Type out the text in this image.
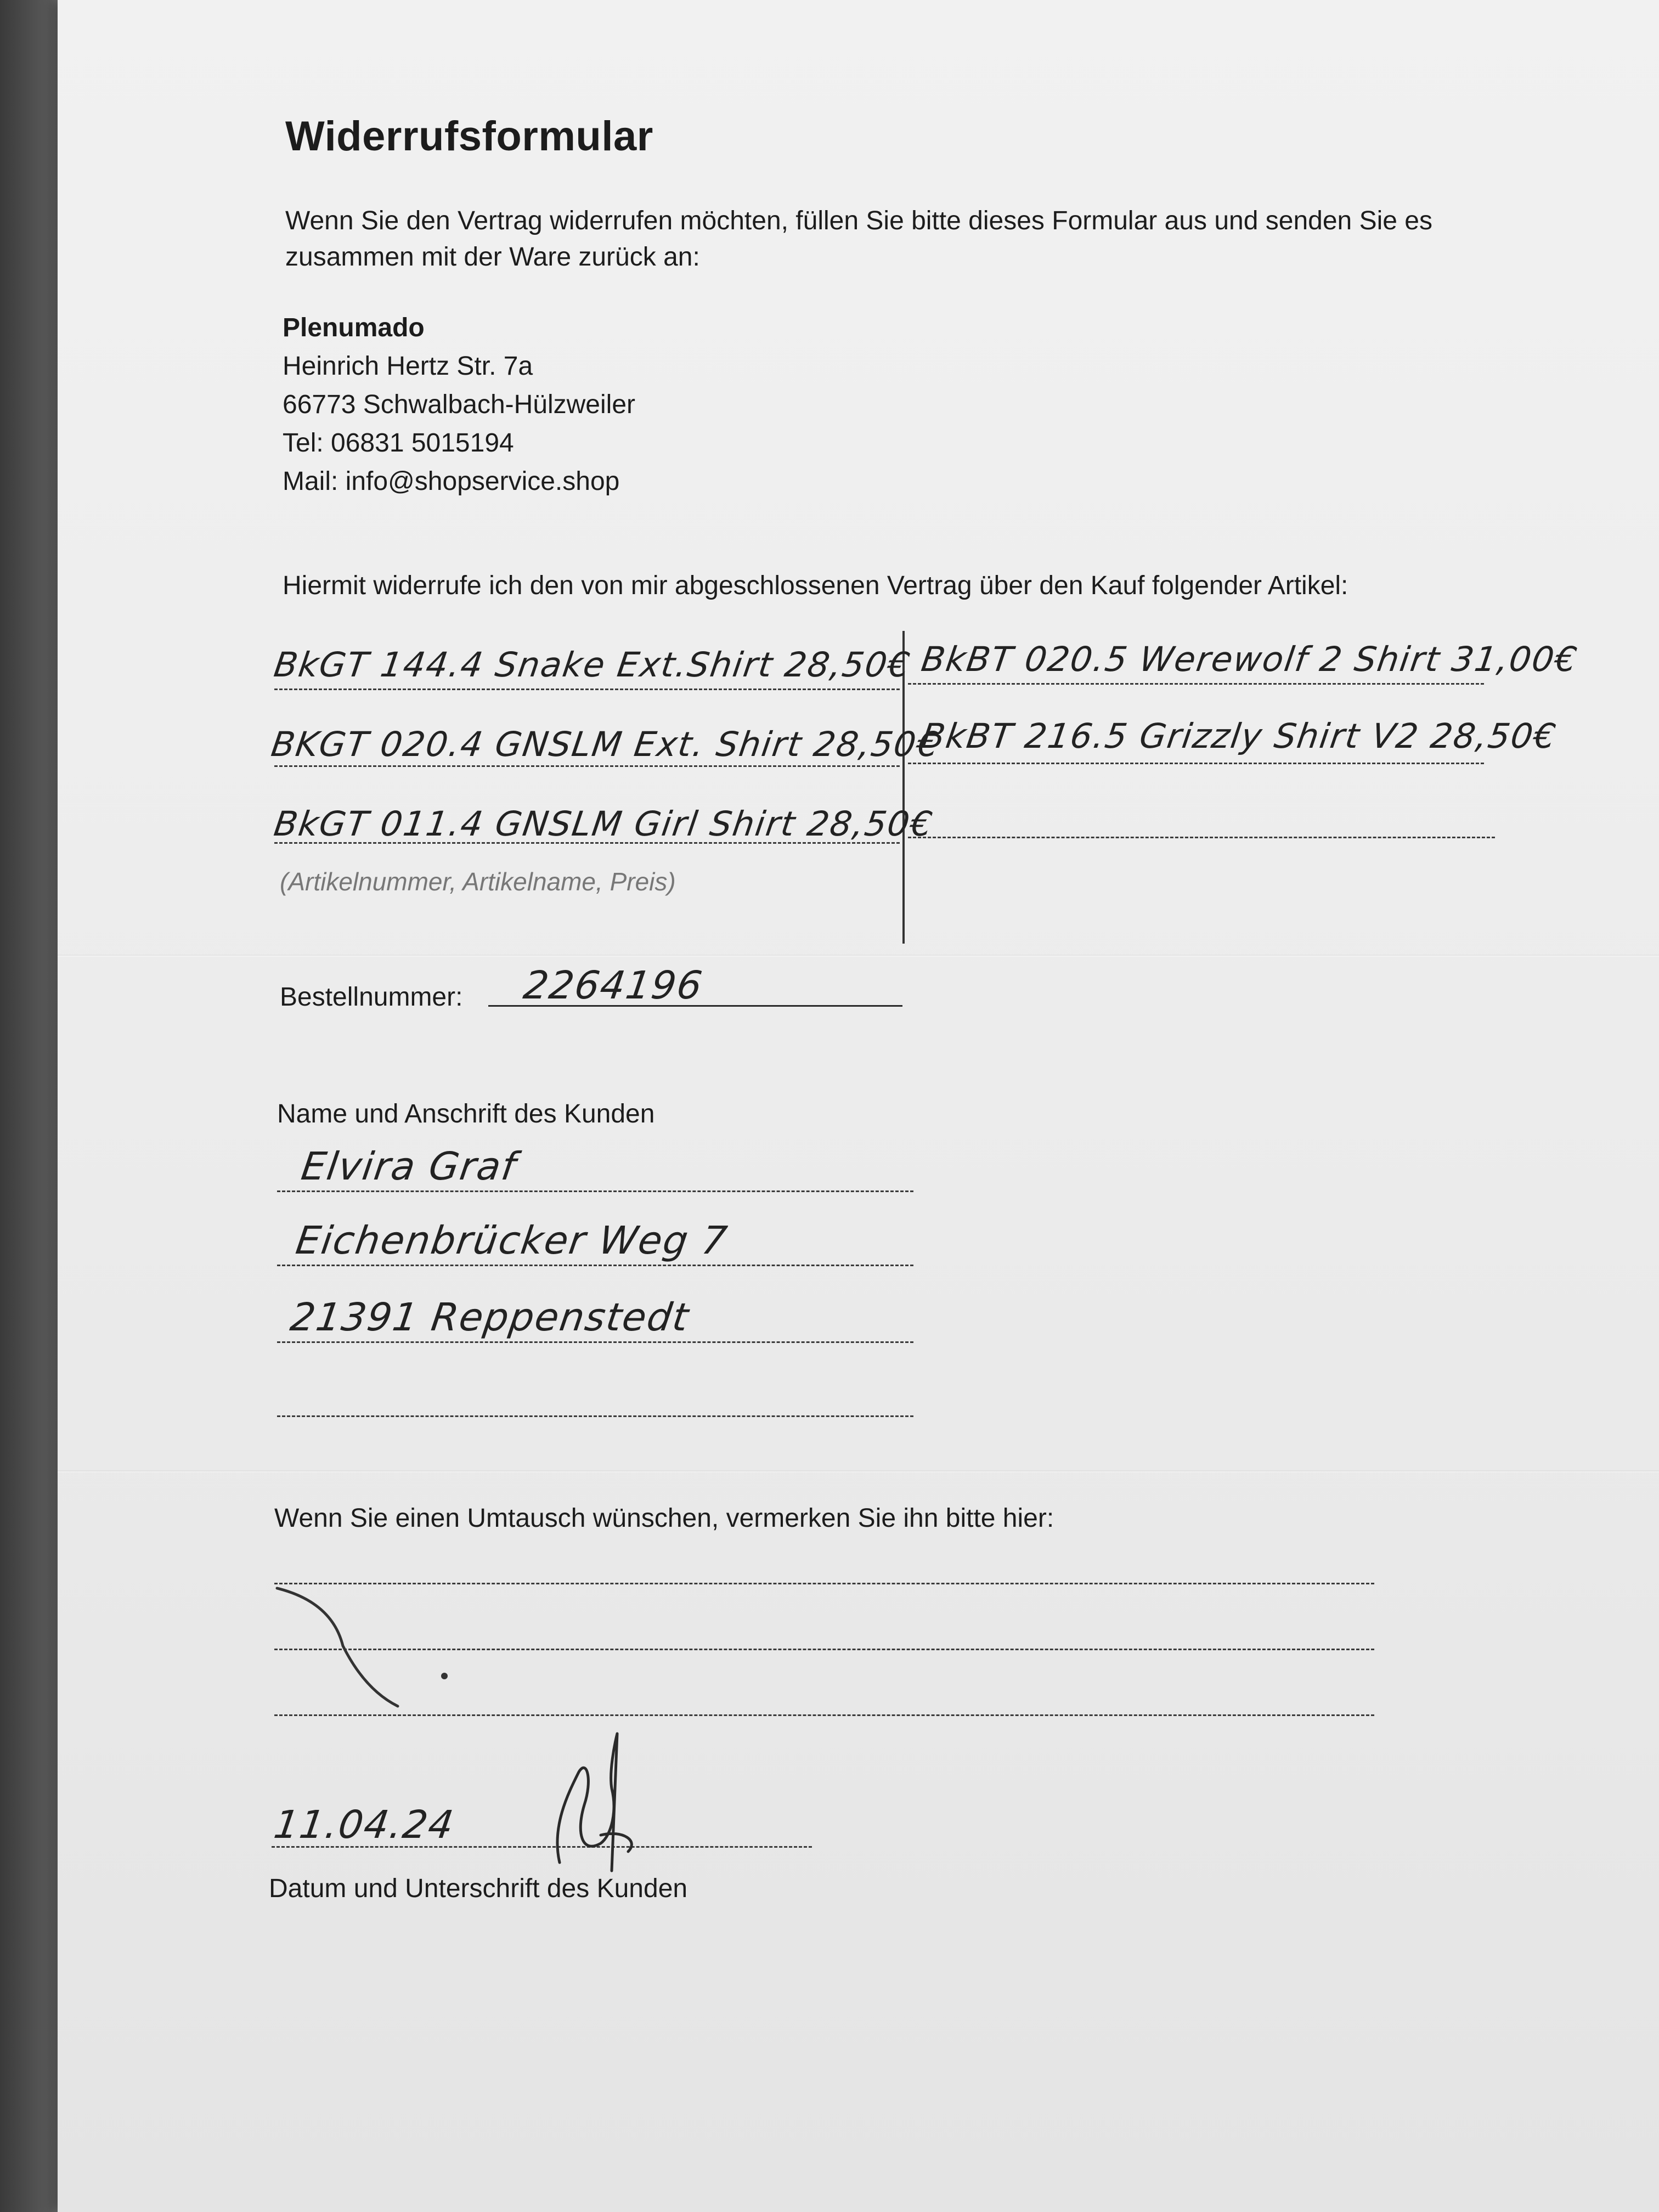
Widerrufsformular
Wenn Sie den Vertrag widerrufen möchten, füllen Sie bitte dieses Formular aus und senden Sie es
zusammen mit der Ware zurück an:
Plenumado
Heinrich Hertz Str. 7a
66773 Schwalbach-Hülzweiler
Tel: 06831 5015194
Mail: info@shopservice.shop
Hiermit widerrufe ich den von mir abgeschlossenen Vertrag über den Kauf folgender Artikel:
BkGT 144.4 Snake Ext.Shirt 28,50€
BKGT 020.4 GNSLM Ext. Shirt 28,50€
BkGT 011.4 GNSLM Girl Shirt 28,50€
BkBT 020.5 Werewolf 2 Shirt 31,00€
BkBT 216.5 Grizzly Shirt V2 28,50€
(Artikelnummer, Artikelname, Preis)
Bestellnummer: 2264196
Name und Anschrift des Kunden
Elvira Graf
Eichenbrücker Weg 7
21391 Reppenstedt
Wenn Sie einen Umtausch wünschen, vermerken Sie ihn bitte hier:
11.04.24
Datum und Unterschrift des Kunden
